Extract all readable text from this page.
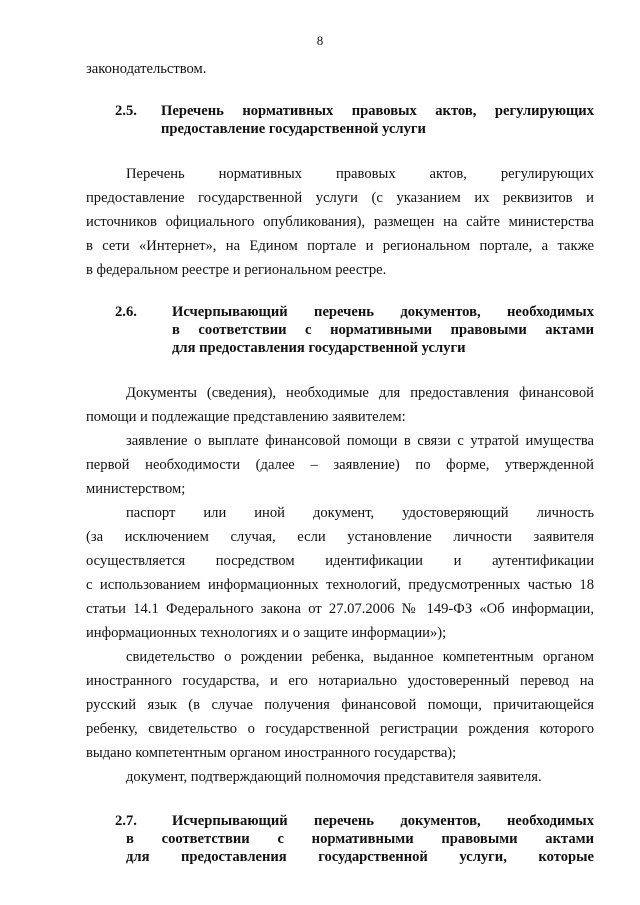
8
законодательством.
2.5. Перечень нормативных правовых актов, регулирующих
предоставление государственной услуги
Перечень нормативных правовых актов, регулирующих
предоставление государственной услуги (с указанием их реквизитов и
источников официального опубликования), размещен на сайте министерства
в сети «Интернет», на Едином портале и региональном портале, а также
в федеральном реестре и региональном реестре.
2.6. Исчерпывающий перечень документов, необходимых
в соответствии с нормативными правовыми актами
для предоставления государственной услуги
Документы (сведения), необходимые для предоставления финансовой
помощи и подлежащие представлению заявителем:
заявление о выплате финансовой помощи в связи с утратой имущества
первой необходимости (далее – заявление) по форме, утвержденной
министерством;
паспорт или иной документ, удостоверяющий личность
(за исключением случая, если установление личности заявителя
осуществляется посредством идентификации и аутентификации
с использованием информационных технологий, предусмотренных частью 18
статьи 14.1 Федерального закона от 27.07.2006 № 149-ФЗ «Об информации,
информационных технологиях и о защите информации»);
свидетельство о рождении ребенка, выданное компетентным органом
иностранного государства, и его нотариально удостоверенный перевод на
русский язык (в случае получения финансовой помощи, причитающейся
ребенку, свидетельство о государственной регистрации рождения которого
выдано компетентным органом иностранного государства);
документ, подтверждающий полномочия представителя заявителя.
2.7. Исчерпывающий перечень документов, необходимых
в соответствии с нормативными правовыми актами
для предоставления государственной услуги, которые
